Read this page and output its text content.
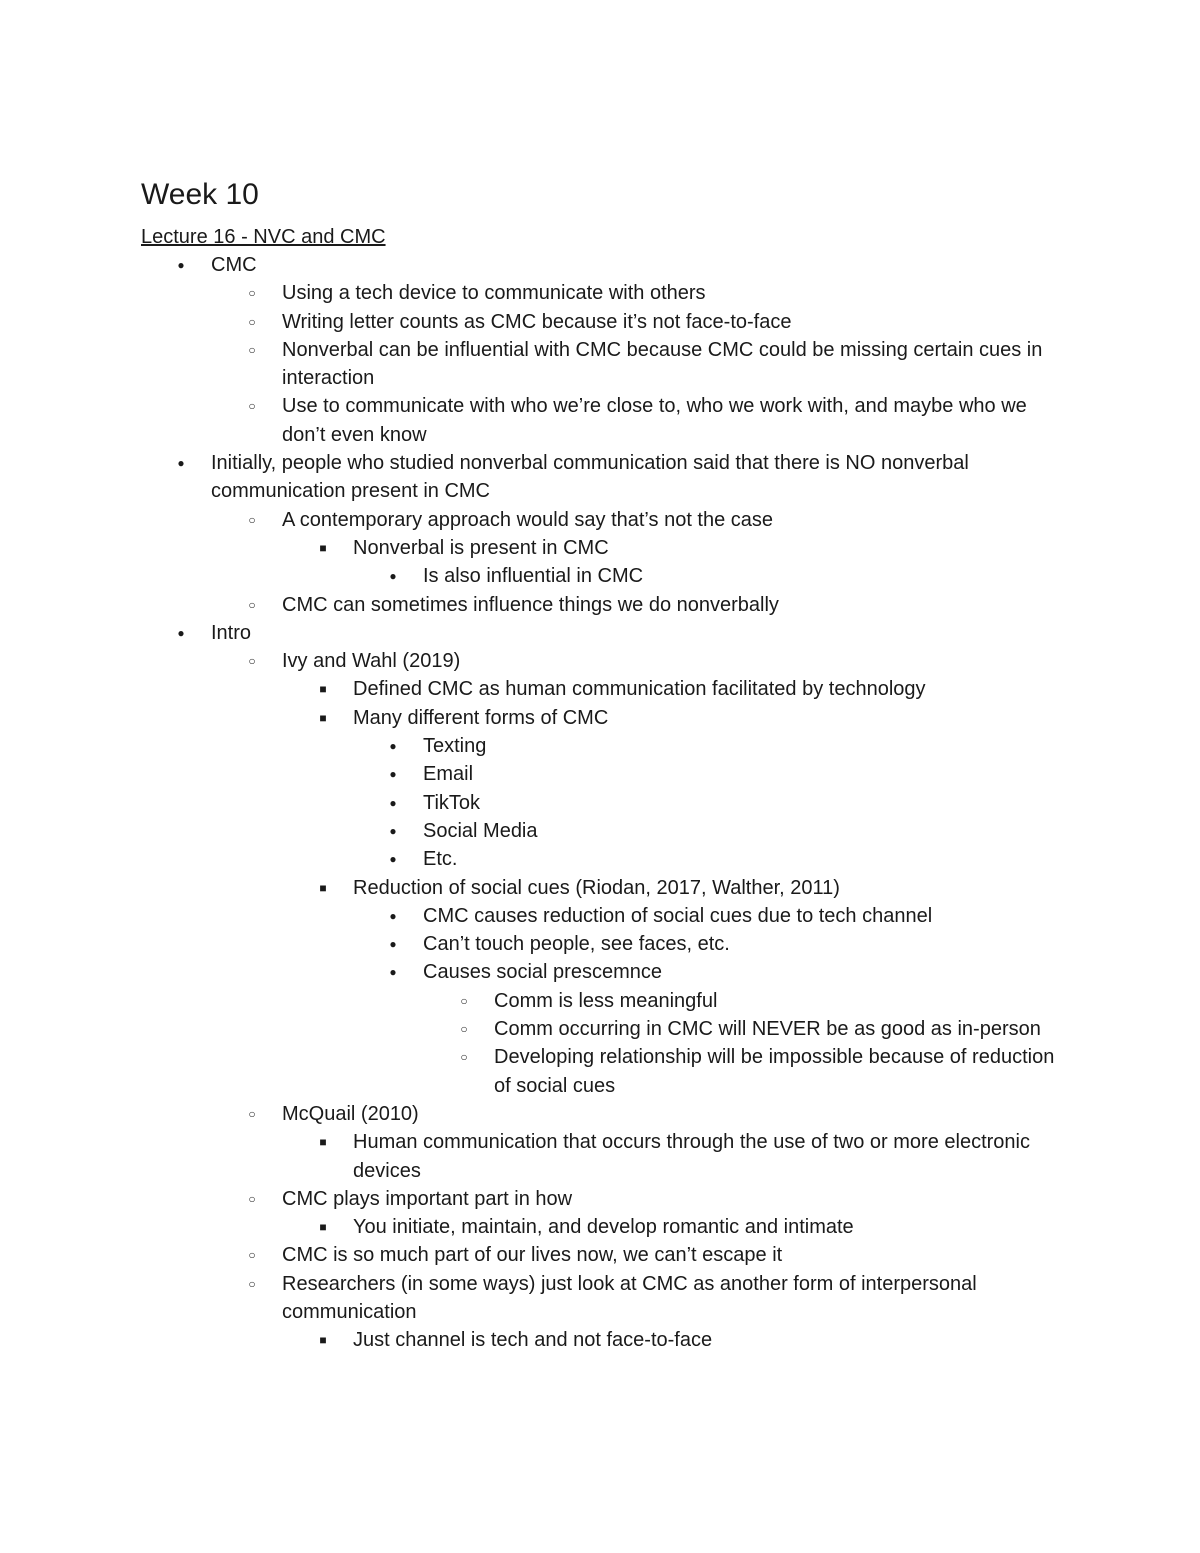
Week 10

Lecture 16 - NVC and CMC

●	CMC
○	Using a tech device to communicate with others
○	Writing letter counts as CMC because it’s not face-to-face
○	Nonverbal can be influential with CMC because CMC could be missing certain cues in interaction
○	Use to communicate with who we’re close to, who we work with, and maybe who we don’t even know
●	Initially, people who studied nonverbal communication said that there is NO nonverbal communication present in CMC
○	A contemporary approach would say that’s not the case
■	Nonverbal is present in CMC
●	Is also influential in CMC
○	CMC can sometimes influence things we do nonverbally
●	Intro
○	Ivy and Wahl (2019)
■	Defined CMC as human communication facilitated by technology
■	Many different forms of CMC
●	Texting
●	Email
●	TikTok
●	Social Media
●	Etc.
■	Reduction of social cues (Riodan, 2017, Walther, 2011)
●	CMC causes reduction of social cues due to tech channel
●	Can’t touch people, see faces, etc.
●	Causes social prescemnce
○	Comm is less meaningful
○	Comm occurring in CMC will NEVER be as good as in-person
○	Developing relationship will be impossible because of reduction of social cues
○	McQuail (2010)
■	Human communication that occurs through the use of two or more electronic devices
○	CMC plays important part in how
■	You initiate, maintain, and develop romantic and intimate
○	CMC is so much part of our lives now, we can’t escape it
○	Researchers (in some ways) just look at CMC as another form of interpersonal communication
■	Just channel is tech and not face-to-face
